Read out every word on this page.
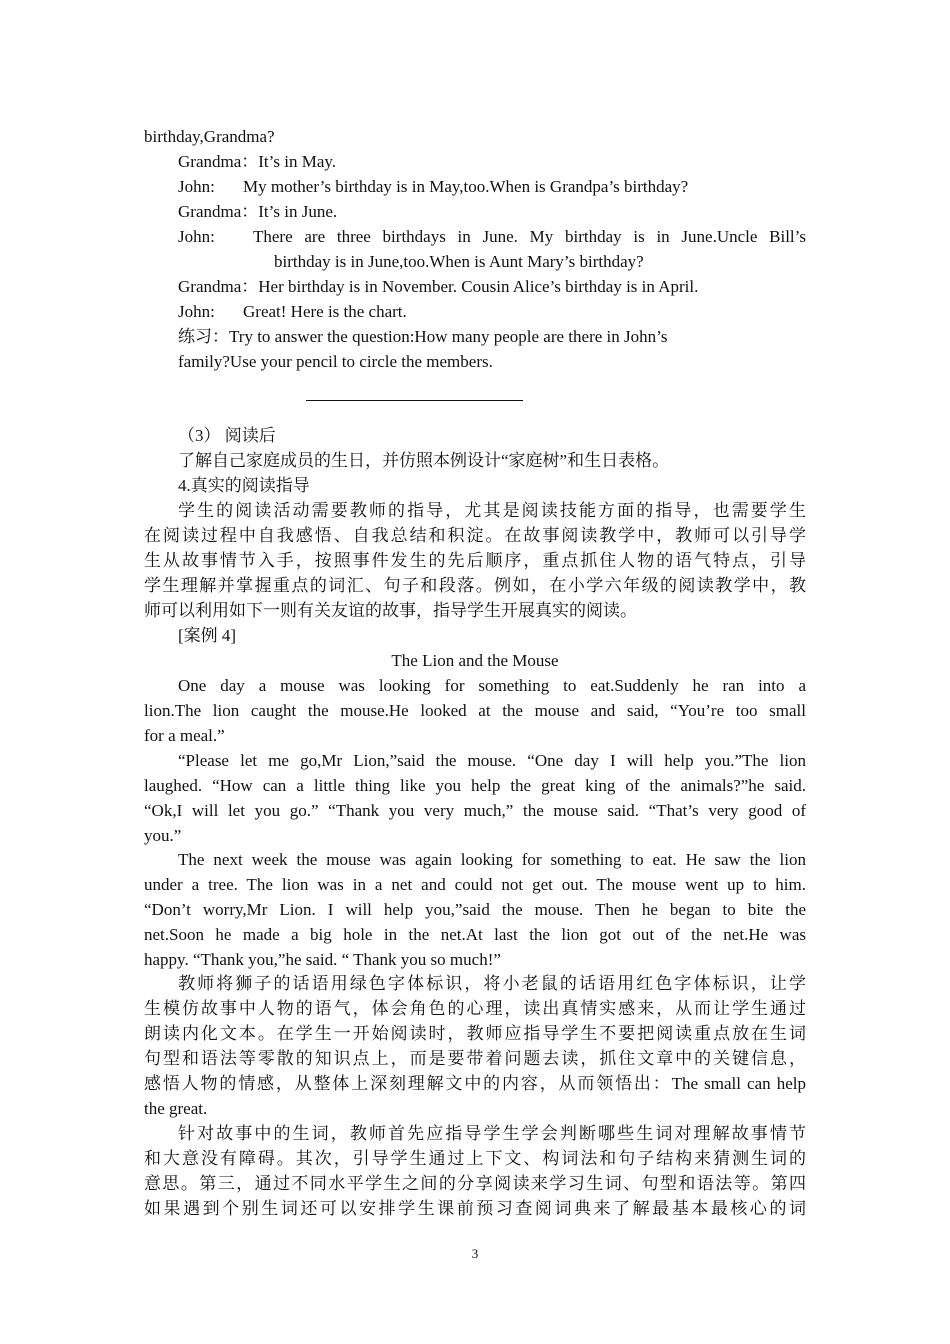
birthday,Grandma?
Grandma：It’s in May.
John: My mother’s birthday is in May,too.When is Grandpa’s birthday?
Grandma：It’s in June.
John:	There are three birthdays in June. My birthday is in June.Uncle Bill’s
birthday is in June,too.When is Aunt Mary’s birthday?
Grandma：Her birthday is in November. Cousin Alice’s birthday is in April.
John: Great! Here is the chart.
练习：Try to answer the question:How many people are there in John’s
family?Use your pencil to circle the members.
（3） 阅读后
了解自己家庭成员的生日，并仿照本例设计“家庭树”和生日表格。
4.真实的阅读指导
学生的阅读活动需要教师的指导，尤其是阅读技能方面的指导，也需要学生
在阅读过程中自我感悟、自我总结和积淀。在故事阅读教学中，教师可以引导学
生从故事情节入手，按照事件发生的先后顺序，重点抓住人物的语气特点，引导
学生理解并掌握重点的词汇、句子和段落。例如，在小学六年级的阅读教学中，教
师可以利用如下一则有关友谊的故事，指导学生开展真实的阅读。
[案例 4]
The Lion and the Mouse
One day a mouse was looking for something to eat.Suddenly he ran into a
lion.The lion caught the mouse.He looked at the mouse and said, “You’re too small
for a meal.”
“Please let me go,Mr Lion,”said the mouse. “One day I will help you.”The lion
laughed. “How can a little thing like you help the great king of the animals?”he said.
“Ok,I will let you go.” “Thank you very much,” the mouse said. “That’s very good of
you.”
The next week the mouse was again looking for something to eat. He saw the lion
under a tree. The lion was in a net and could not get out. The mouse went up to him.
“Don’t worry,Mr Lion. I will help you,”said the mouse. Then he began to bite the
net.Soon he made a big hole in the net.At last the lion got out of the net.He was
happy. “Thank you,”he said. “ Thank you so much!”
教师将狮子的话语用绿色字体标识，将小老鼠的话语用红色字体标识，让学
生模仿故事中人物的语气，体会角色的心理，读出真情实感来，从而让学生通过
朗读内化文本。在学生一开始阅读时，教师应指导学生不要把阅读重点放在生词
句型和语法等零散的知识点上，而是要带着问题去读，抓住文章中的关键信息，
感悟人物的情感，从整体上深刻理解文中的内容，从而领悟出：The small can help
the great.
针对故事中的生词，教师首先应指导学生学会判断哪些生词对理解故事情节
和大意没有障碍。其次，引导学生通过上下文、构词法和句子结构来猜测生词的
意思。第三，通过不同水平学生之间的分享阅读来学习生词、句型和语法等。第四
如果遇到个别生词还可以安排学生课前预习查阅词典来了解最基本最核心的词
3
